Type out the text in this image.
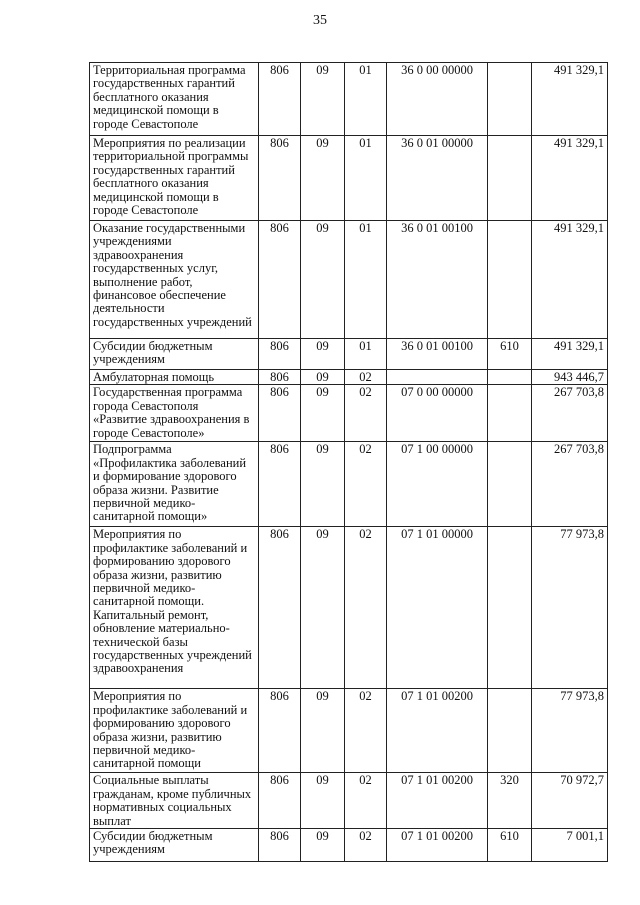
35
Территориальная программа государственных гарантий бесплатного оказания медицинской помощи в городе Севастополе	806	09	01	36 0 00 00000		491 329,1
Мероприятия по реализации территориальной программы государственных гарантий бесплатного оказания медицинской помощи в городе Севастополе	806	09	01	36 0 01 00000		491 329,1
Оказание государственными учреждениями здравоохранения государственных услуг, выполнение работ, финансовое обеспечение деятельности государственных учреждений	806	09	01	36 0 01 00100		491 329,1
Субсидии бюджетным учреждениям	806	09	01	36 0 01 00100	610	491 329,1
Амбулаторная помощь	806	09	02			943 446,7
Государственная программа города Севастополя «Развитие здравоохранения в городе Севастополе»	806	09	02	07 0 00 00000		267 703,8
Подпрограмма «Профилактика заболеваний и формирование здорового образа жизни. Развитие первичной медико-санитарной помощи»	806	09	02	07 1 00 00000		267 703,8
Мероприятия по профилактике заболеваний и формированию здорового образа жизни, развитию первичной медико-санитарной помощи. Капитальный ремонт, обновление материально-технической базы государственных учреждений здравоохранения	806	09	02	07 1 01 00000		77 973,8
Мероприятия по профилактике заболеваний и формированию здорового образа жизни, развитию первичной медико-санитарной помощи	806	09	02	07 1 01 00200		77 973,8
Социальные выплаты гражданам, кроме публичных нормативных социальных выплат	806	09	02	07 1 01 00200	320	70 972,7
Субсидии бюджетным учреждениям	806	09	02	07 1 01 00200	610	7 001,1
